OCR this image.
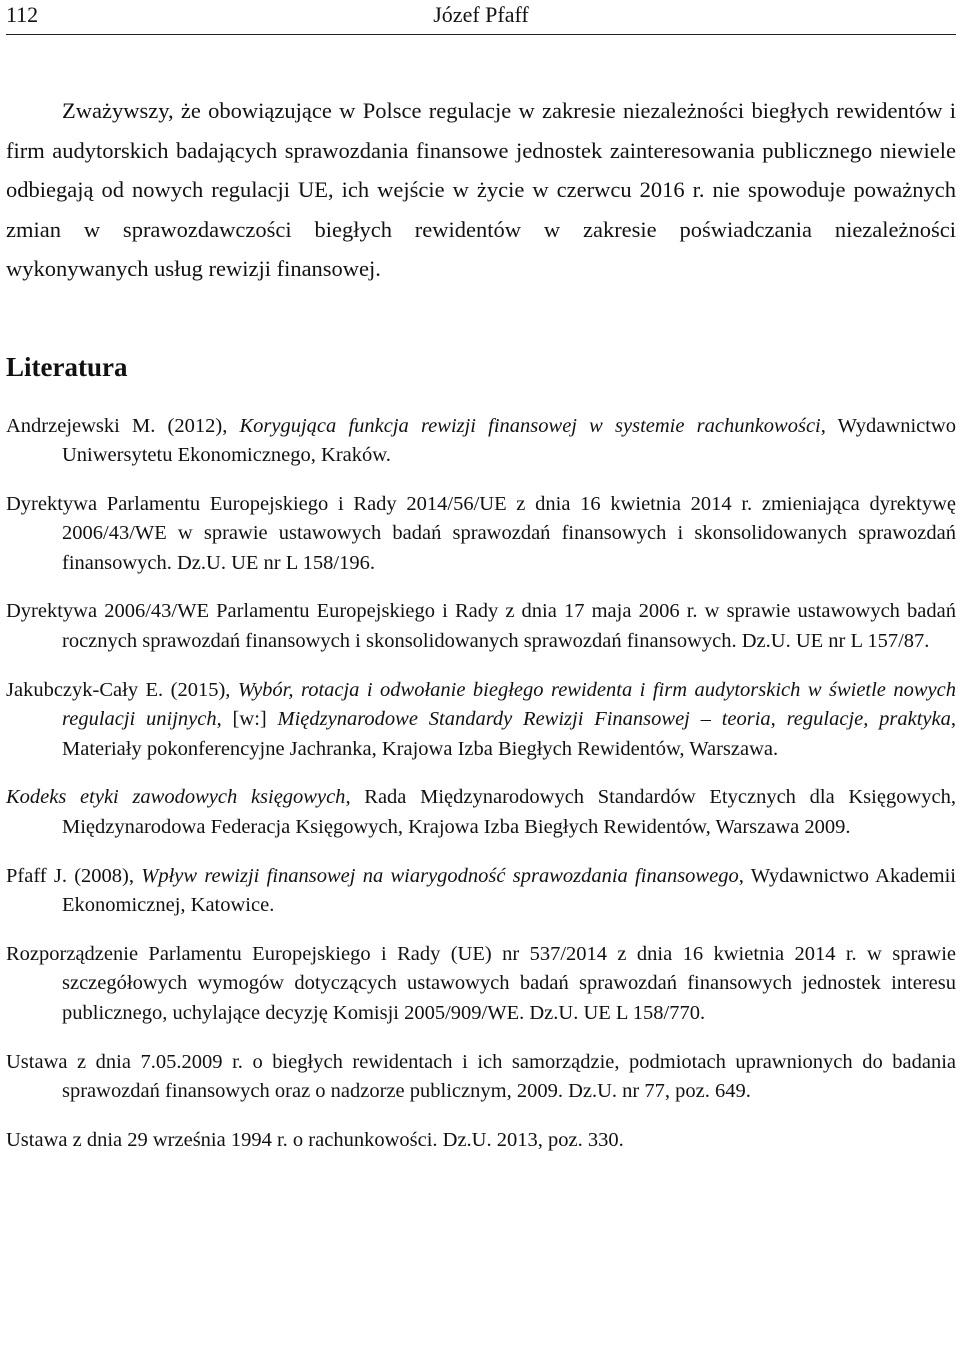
112	Józef Pfaff

Zważywszy, że obowiązujące w Polsce regulacje w zakresie niezależności biegłych rewidentów i firm audytorskich badających sprawozdania finansowe jednostek zainteresowania publicznego niewiele odbiegają od nowych regulacji UE, ich wejście w życie w czerwcu 2016 r. nie spowoduje poważnych zmian w sprawozdawczości biegłych rewidentów w zakresie poświadczania niezależności wykonywanych usług rewizji finansowej.

Literatura

Andrzejewski M. (2012), Korygująca funkcja rewizji finansowej w systemie rachunkowości, Wydawnictwo Uniwersytetu Ekonomicznego, Kraków.

Dyrektywa Parlamentu Europejskiego i Rady 2014/56/UE z dnia 16 kwietnia 2014 r. zmieniająca dyrektywę 2006/43/WE w sprawie ustawowych badań sprawozdań finansowych i skonsolidowanych sprawozdań finansowych. Dz.U. UE nr L 158/196.

Dyrektywa 2006/43/WE Parlamentu Europejskiego i Rady z dnia 17 maja 2006 r. w sprawie ustawowych badań rocznych sprawozdań finansowych i skonsolidowanych sprawozdań finansowych. Dz.U. UE nr L 157/87.

Jakubczyk-Cały E. (2015), Wybór, rotacja i odwołanie biegłego rewidenta i firm audytorskich w świetle nowych regulacji unijnych, [w:] Międzynarodowe Standardy Rewizji Finansowej – teoria, regulacje, praktyka, Materiały pokonferencyjne Jachranka, Krajowa Izba Biegłych Rewidentów, Warszawa.

Kodeks etyki zawodowych księgowych, Rada Międzynarodowych Standardów Etycznych dla Księgowych, Międzynarodowa Federacja Księgowych, Krajowa Izba Biegłych Rewidentów, Warszawa 2009.

Pfaff J. (2008), Wpływ rewizji finansowej na wiarygodność sprawozdania finansowego, Wydawnictwo Akademii Ekonomicznej, Katowice.

Rozporządzenie Parlamentu Europejskiego i Rady (UE) nr 537/2014 z dnia 16 kwietnia 2014 r. w sprawie szczegółowych wymogów dotyczących ustawowych badań sprawozdań finansowych jednostek interesu publicznego, uchylające decyzję Komisji 2005/909/WE. Dz.U. UE L 158/770.

Ustawa z dnia 7.05.2009 r. o biegłych rewidentach i ich samorządzie, podmiotach uprawnionych do badania sprawozdań finansowych oraz o nadzorze publicznym, 2009. Dz.U. nr 77, poz. 649.

Ustawa z dnia 29 września 1994 r. o rachunkowości. Dz.U. 2013, poz. 330.
